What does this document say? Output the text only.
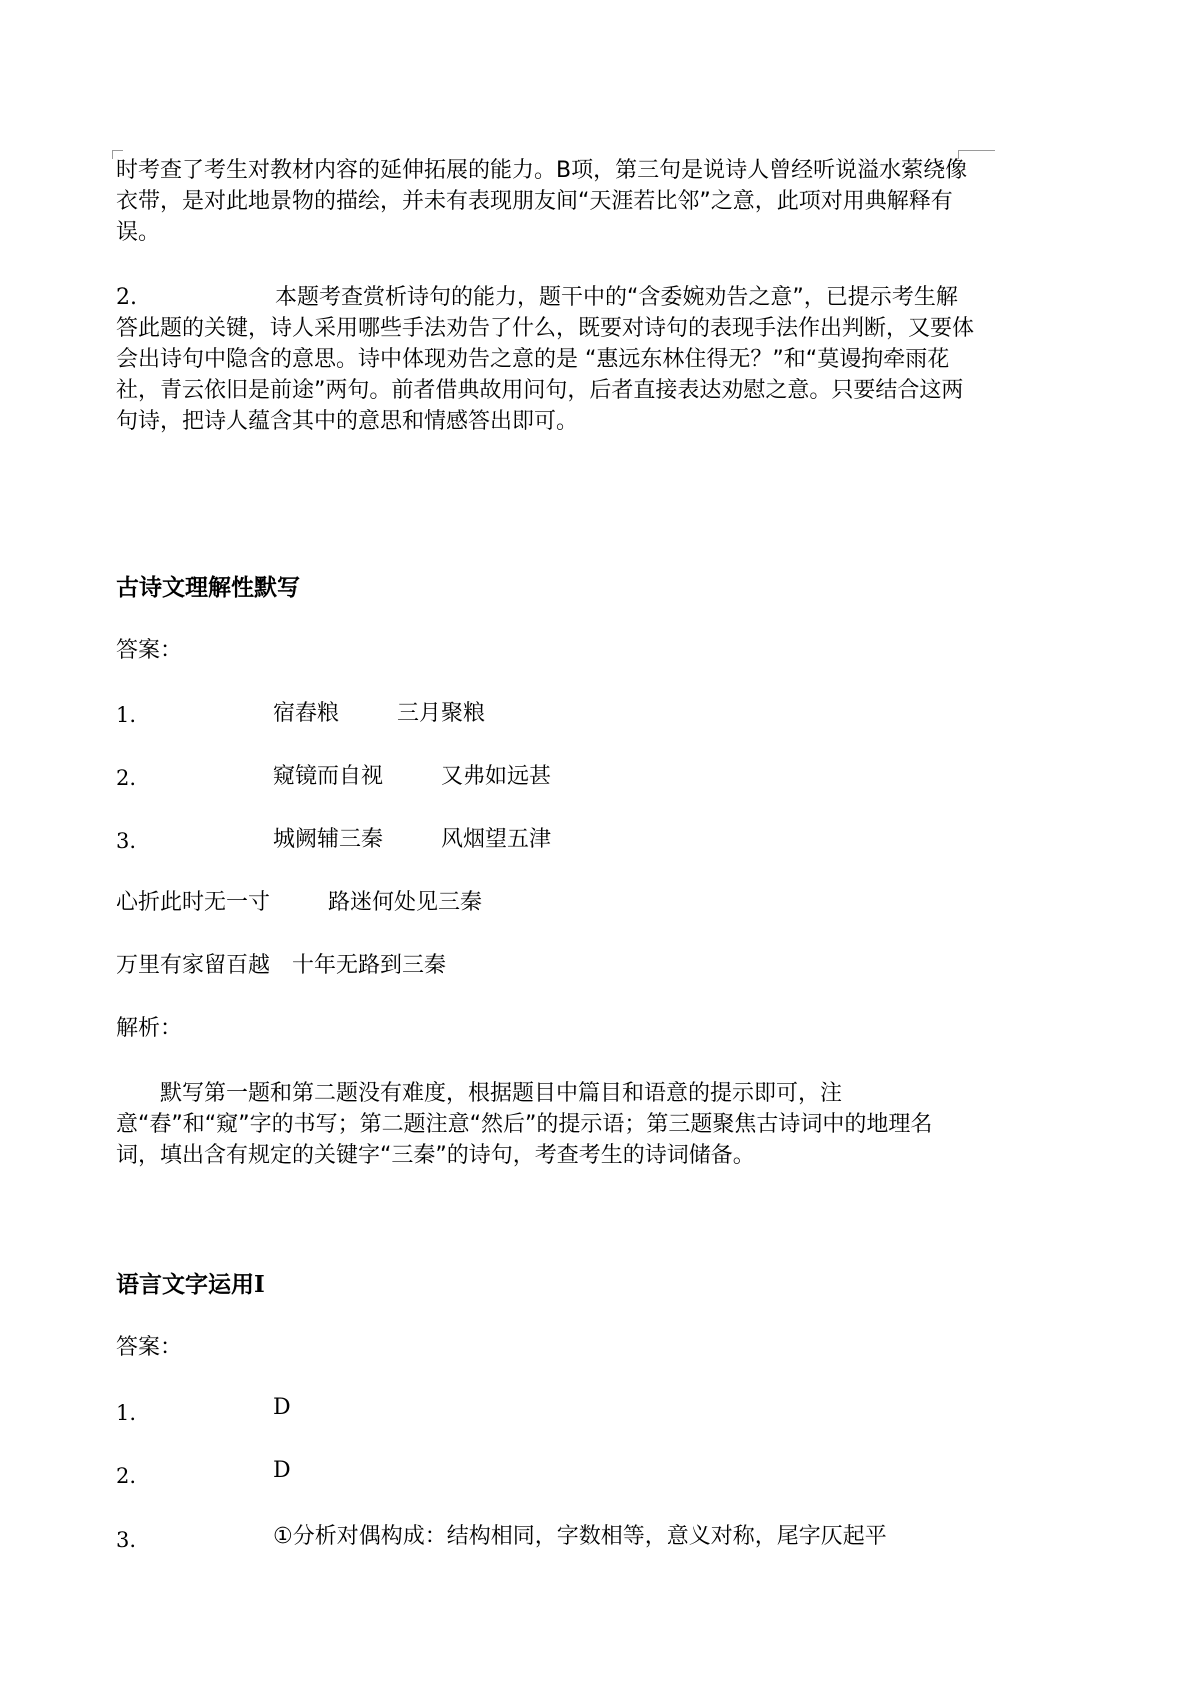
时考查了考生对教材内容的延伸拓展的能力。B项，第三句是说诗人曾经听说溢水萦绕像衣带，是对此地景物的描绘，并未有表现朋友间“天涯若比邻”之意，此项对用典解释有误。
2.	本题考查赏析诗句的能力，题干中的“含委婉劝告之意”，已提示考生解答此题的关键，诗人采用哪些手法劝告了什么，既要对诗句的表现手法作出判断，又要体会出诗句中隐含的意思。诗中体现劝告之意的是 “惠远东林住得无？”和“莫谩拘牵雨花社，青云依旧是前途”两句。前者借典故用问句，后者直接表达劝慰之意。只要结合这两句诗，把诗人蕴含其中的意思和情感答出即可。
古诗文理解性默写
答案：
1.	宿舂粮	三月聚粮
2.	窥镜而自视	又弗如远甚
3.	城阙辅三秦	风烟望五津
心折此时无一寸	路迷何处见三秦
万里有家留百越 十年无路到三秦
解析：
默写第一题和第二题没有难度，根据题目中篇目和语意的提示即可，注意“舂”和“窥”字的书写；第二题注意“然后”的提示语；第三题聚焦古诗词中的地理名词，填出含有规定的关键字“三秦”的诗句，考查考生的诗词储备。
语言文字运用Ⅰ
答案：
1.	D
2.	D
3.	①分析对偶构成：结构相同，字数相等，意义对称，尾字仄起平
